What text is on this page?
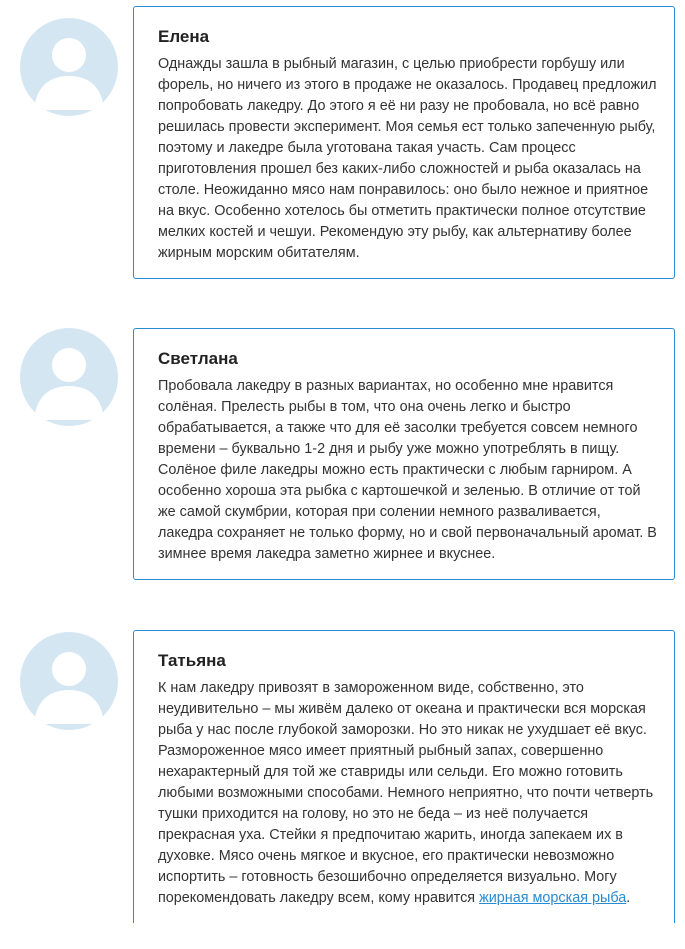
Елена

Однажды зашла в рыбный магазин, с целью приобрести горбушу или форель, но ничего из этого в продаже не оказалось. Продавец предложил попробовать лакедру. До этого я её ни разу не пробовала, но всё равно решилась провести эксперимент. Моя семья ест только запеченную рыбу, поэтому и лакедре была уготована такая участь. Сам процесс приготовления прошел без каких-либо сложностей и рыба оказалась на столе. Неожиданно мясо нам понравилось: оно было нежное и приятное на вкус. Особенно хотелось бы отметить практически полное отсутствие мелких костей и чешуи. Рекомендую эту рыбу, как альтернативу более жирным морским обитателям.

Светлана

Пробовала лакедру в разных вариантах, но особенно мне нравится солёная. Прелесть рыбы в том, что она очень легко и быстро обрабатывается, а также что для её засолки требуется совсем немного времени – буквально 1-2 дня и рыбу уже можно употреблять в пищу. Солёное филе лакедры можно есть практически с любым гарниром. А особенно хороша эта рыбка с картошечкой и зеленью. В отличие от той же самой скумбрии, которая при солении немного разваливается, лакедра сохраняет не только форму, но и свой первоначальный аромат. В зимнее время лакедра заметно жирнее и вкуснее.

Татьяна

К нам лакедру привозят в замороженном виде, собственно, это неудивительно – мы живём далеко от океана и практически вся морская рыба у нас после глубокой заморозки. Но это никак не ухудшает её вкус. Размороженное мясо имеет приятный рыбный запах, совершенно нехарактерный для той же ставриды или сельди. Его можно готовить любыми возможными способами. Немного неприятно, что почти четверть тушки приходится на голову, но это не беда – из неё получается прекрасная уха. Стейки я предпочитаю жарить, иногда запекаем их в духовке. Мясо очень мягкое и вкусное, его практически невозможно испортить – готовность безошибочно определяется визуально. Могу порекомендовать лакедру всем, кому нравится жирная морская рыба.
